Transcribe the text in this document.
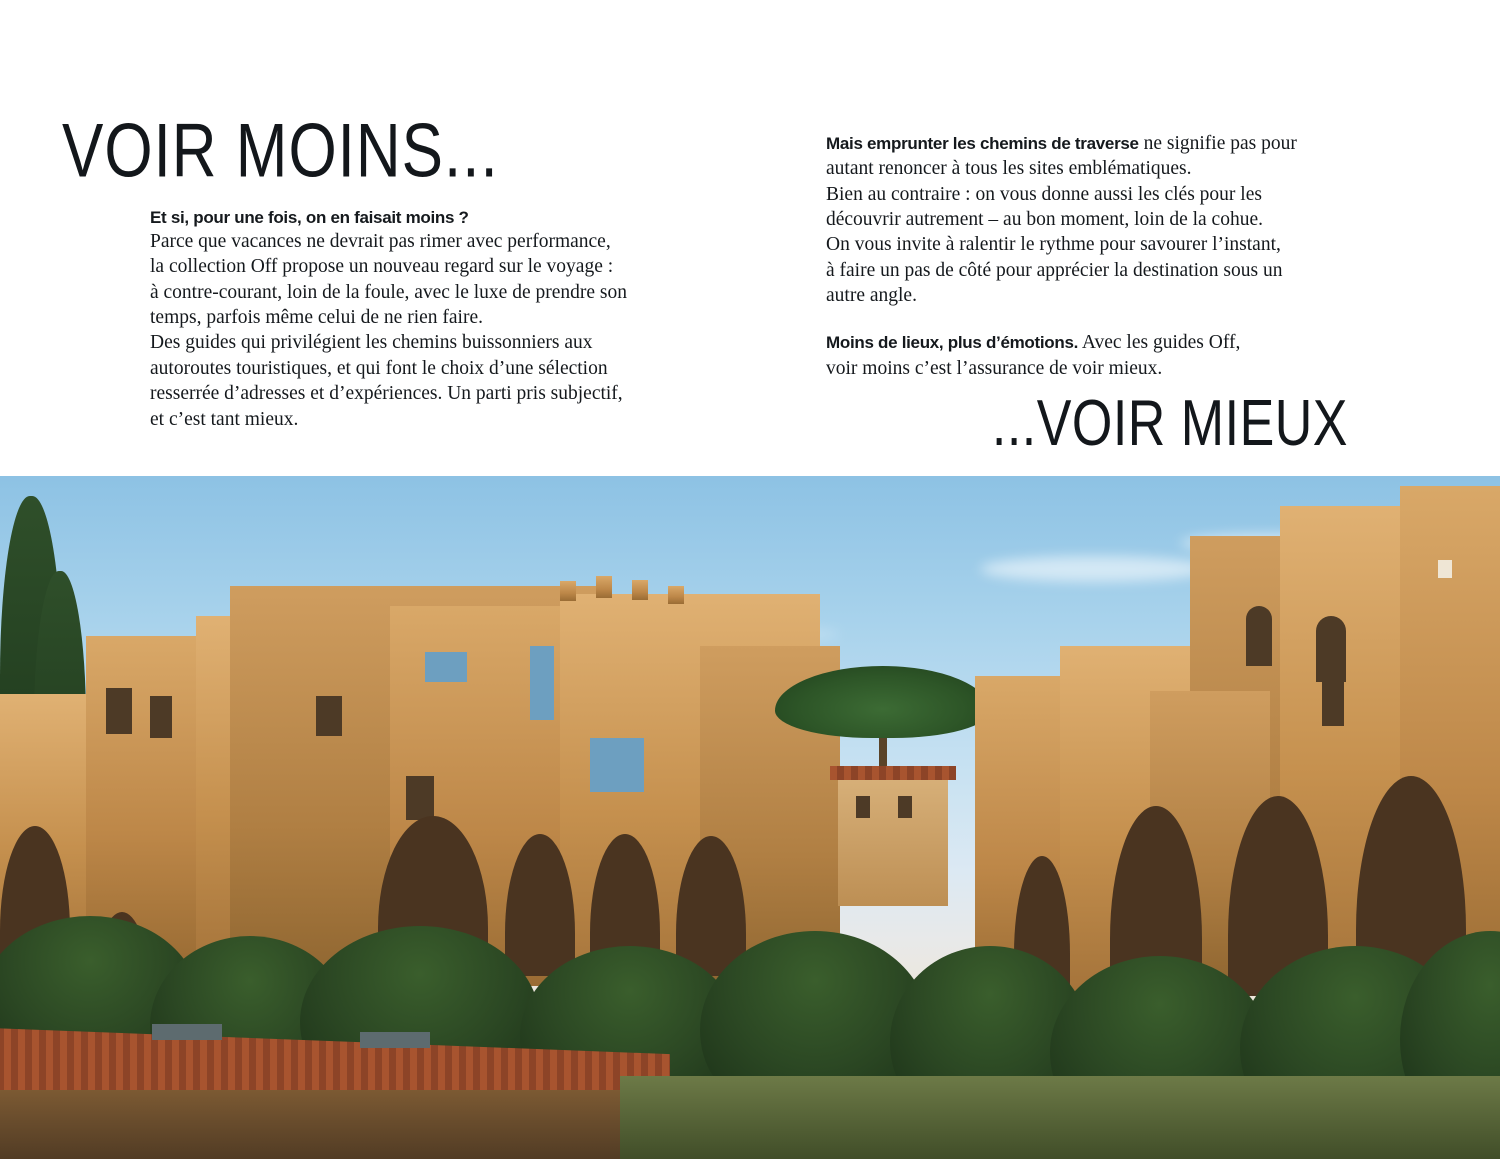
VOIR MOINS...

Et si, pour une fois, on en faisait moins ?

Parce que vacances ne devrait pas rimer avec performance,

la collection Off propose un nouveau regard sur le voyage :

à contre-courant, loin de la foule, avec le luxe de prendre son

temps, parfois même celui de ne rien faire.

Des guides qui privilégient les chemins buissonniers aux

autoroutes touristiques, et qui font le choix d’une sélection

resserrée d’adresses et d’expériences. Un parti pris subjectif,

et c’est tant mieux.

Mais emprunter les chemins de traverse ne signifie pas pour

autant renoncer à tous les sites emblématiques.

Bien au contraire : on vous donne aussi les clés pour les

découvrir autrement – au bon moment, loin de la cohue.

On vous invite à ralentir le rythme pour savourer l’instant,

à faire un pas de côté pour apprécier la destination sous un

autre angle.

Moins de lieux, plus d’émotions. Avec les guides Off,

voir moins c’est l’assurance de voir mieux.

...VOIR MIEUX
